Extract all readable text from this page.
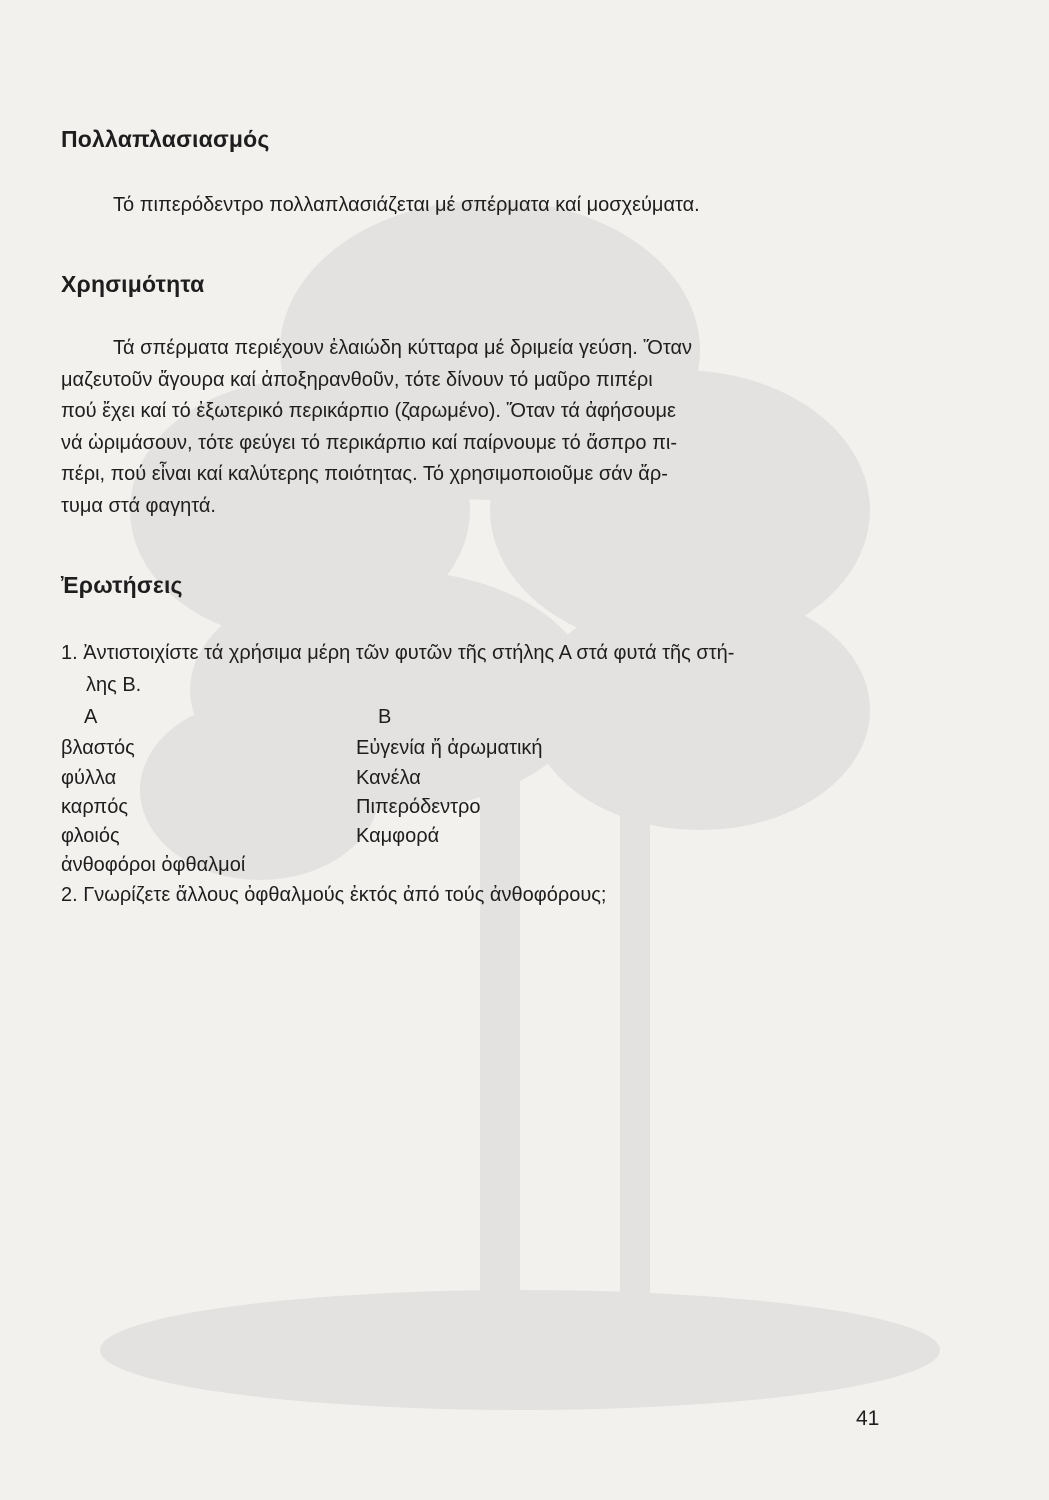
Πολλαπλασιασμός

Τό πιπερόδεντρο πολλαπλασιάζεται μέ σπέρματα καί μοσχεύματα.

Χρησιμότητα

Τά σπέρματα περιέχουν ἐλαιώδη κύτταρα μέ δριμεία γεύση. Ὅταν
μαζευτοῦν ἄγουρα καί ἀποξηρανθοῦν, τότε δίνουν τό μαῦρο πιπέρι
πού ἔχει καί τό ἐξωτερικό περικάρπιο (ζαρωμένο). Ὅταν τά ἀφήσουμε
νά ὡριμάσουν, τότε φεύγει τό περικάρπιο καί παίρνουμε τό ἄσπρο πι-
πέρι, πού εἶναι καί καλύτερης ποιότητας. Τό χρησιμοποιοῦμε σάν ἄρ-
τυμα στά φαγητά.

Ἐρωτήσεις
1. Ἀντιστοιχίστε τά χρήσιμα μέρη τῶν φυτῶν τῆς στήλης Α στά φυτά τῆς στή-
λης Β.
Α	Β
βλαστός
φύλλα
καρπός
φλοιός
ἀνθοφόροι ὀφθαλμοί
Εὐγενία ἤ ἀρωματική
Κανέλα
Πιπερόδεντρο
Καμφορά
2. Γνωρίζετε ἄλλους ὀφθαλμούς ἐκτός ἀπό τούς ἀνθοφόρους;
41
